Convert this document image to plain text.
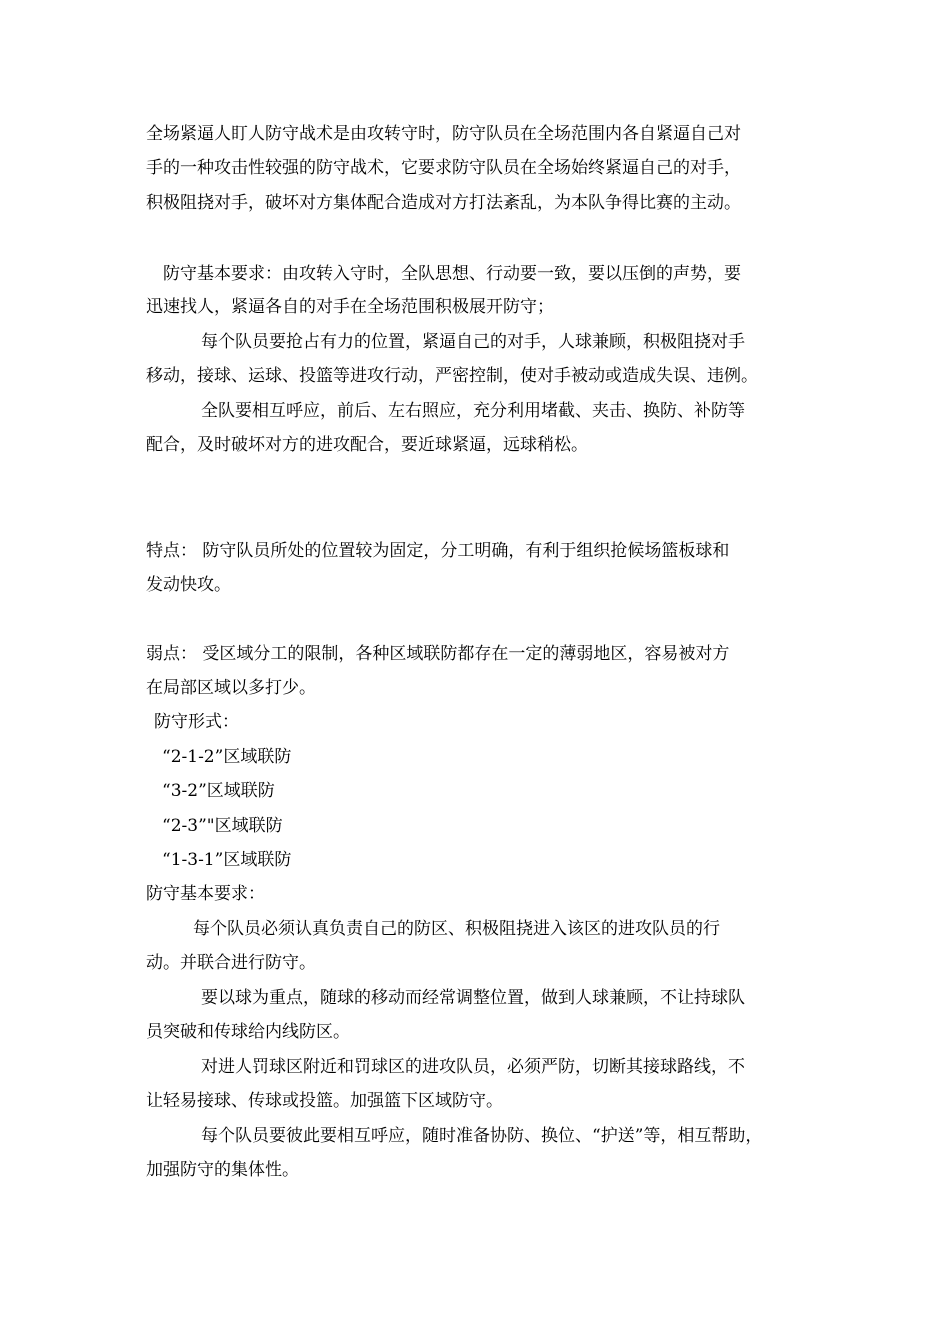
全场紧逼人盯人防守战术是由攻转守时，防守队员在全场范围内各自紧逼自己对
手的一种攻击性较强的防守战术，它要求防守队员在全场始终紧逼自己的对手，
积极阻挠对手，破坏对方集体配合造成对方打法紊乱，为本队争得比赛的主动。
防守基本要求：由攻转入守时，全队思想、行动要一致，要以压倒的声势，要
迅速找人，紧逼各自的对手在全场范围积极展开防守；
每个队员要抢占有力的位置，紧逼自己的对手，人球兼顾，积极阻挠对手
移动，接球、运球、投篮等进攻行动，严密控制，使对手被动或造成失误、违例。
全队要相互呼应，前后、左右照应，充分利用堵截、夹击、换防、补防等
配合，及时破坏对方的进攻配合，要近球紧逼，远球稍松。
特点： 防守队员所处的位置较为固定，分工明确，有利于组织抢候场篮板球和
发动快攻。
弱点： 受区域分工的限制，各种区域联防都存在一定的薄弱地区，容易被对方
在局部区域以多打少。
防守形式：
“2-1-2”区域联防
“3-2”区域联防
“2-3”"区域联防
“1-3-1”区域联防
防守基本要求：
每个队员必须认真负责自己的防区、积极阻挠进入该区的进攻队员的行
动。并联合进行防守。
要以球为重点，随球的移动而经常调整位置，做到人球兼顾，不让持球队
员突破和传球给内线防区。
对进人罚球区附近和罚球区的进攻队员，必须严防，切断其接球路线，不
让轻易接球、传球或投篮。加强篮下区域防守。
每个队员要彼此要相互呼应，随时准备协防、换位、“护送”等，相互帮助，
加强防守的集体性。
